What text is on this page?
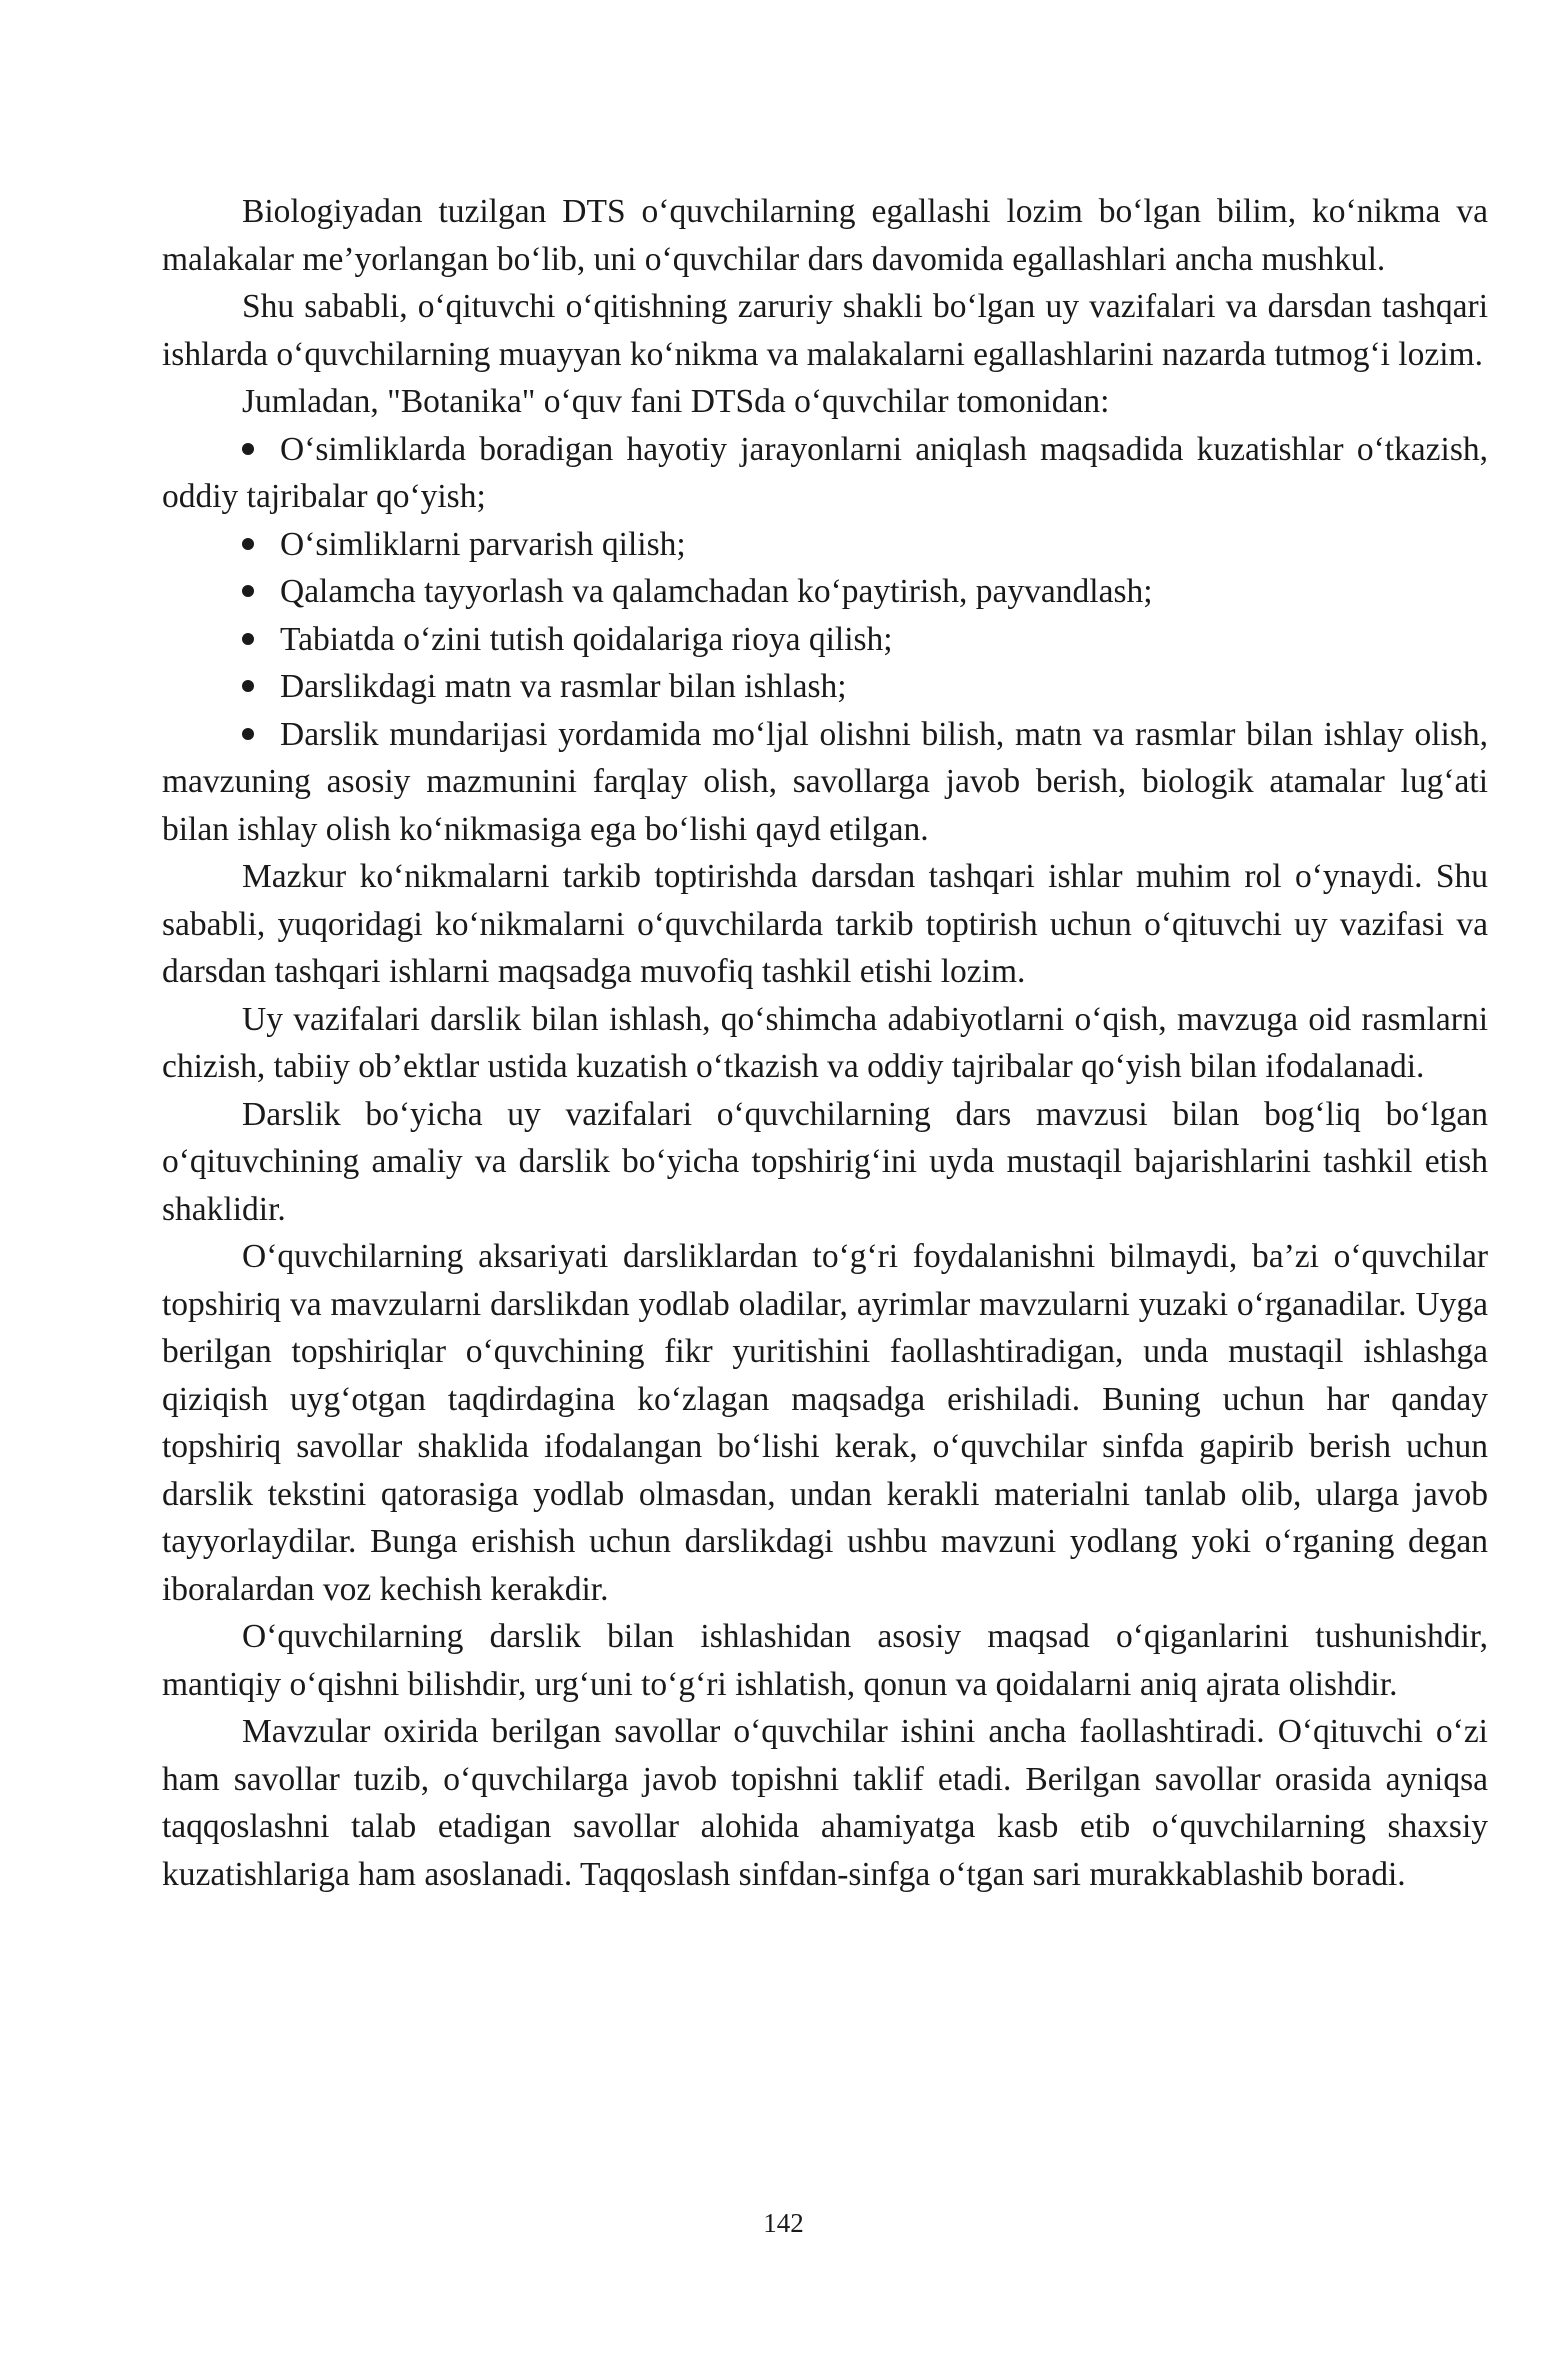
Biologiyadan tuzilgan DTS o‘quvchilarning egallashi lozim bo‘lgan bilim, ko‘nikma va malakalar me’yorlangan bo‘lib, uni o‘quvchilar dars davomida egallashlari ancha mushkul.

Shu sababli, o‘qituvchi o‘qitishning zaruriy shakli bo‘lgan uy vazifalari va darsdan tashqari ishlarda o‘quvchilarning muayyan ko‘nikma va malakalarni egallashlarini nazarda tutmog‘i lozim.

Jumladan, "Botanika" o‘quv fani DTSda o‘quvchilar tomonidan:

O‘simliklarda boradigan hayotiy jarayonlarni aniqlash maqsadida kuzatishlar o‘tkazish, oddiy tajribalar qo‘yish;

O‘simliklarni parvarish qilish;

Qalamcha tayyorlash va qalamchadan ko‘paytirish, payvandlash;

Tabiatda o‘zini tutish qoidalariga rioya qilish;

Darslikdagi matn va rasmlar bilan ishlash;

Darslik mundarijasi yordamida mo‘ljal olishni bilish, matn va rasmlar bilan ishlay olish, mavzuning asosiy mazmunini farqlay olish, savollarga javob berish, biologik atamalar lug‘ati bilan ishlay olish ko‘nikmasiga ega bo‘lishi qayd etilgan.

Mazkur ko‘nikmalarni tarkib toptirishda darsdan tashqari ishlar muhim rol o‘ynaydi. Shu sababli, yuqoridagi ko‘nikmalarni o‘quvchilarda tarkib toptirish uchun o‘qituvchi uy vazifasi va darsdan tashqari ishlarni maqsadga muvofiq tashkil etishi lozim.

Uy vazifalari darslik bilan ishlash, qo‘shimcha adabiyotlarni o‘qish, mavzuga oid rasmlarni chizish, tabiiy ob’ektlar ustida kuzatish o‘tkazish va oddiy tajribalar qo‘yish bilan ifodalanadi.

Darslik bo‘yicha uy vazifalari o‘quvchilarning dars mavzusi bilan bog‘liq bo‘lgan o‘qituvchining amaliy va darslik bo‘yicha topshirig‘ini uyda mustaqil bajarishlarini tashkil etish shaklidir.

O‘quvchilarning aksariyati darsliklardan to‘g‘ri foydalanishni bilmaydi, ba’zi o‘quvchilar topshiriq va mavzularni darslikdan yodlab oladilar, ayrimlar mavzularni yuzaki o‘rganadilar. Uyga berilgan topshiriqlar o‘quvchining fikr yuritishini faollashtiradigan, unda mustaqil ishlashga qiziqish uyg‘otgan taqdirdagina ko‘zlagan maqsadga erishiladi. Buning uchun har qanday topshiriq savollar shaklida ifodalangan bo‘lishi kerak, o‘quvchilar sinfda gapirib berish uchun darslik tekstini qatorasiga yodlab olmasdan, undan kerakli materialni tanlab olib, ularga javob tayyorlaydilar. Bunga erishish uchun darslikdagi ushbu mavzuni yodlang yoki o‘rganing degan iboralardan voz kechish kerakdir.

O‘quvchilarning darslik bilan ishlashidan asosiy maqsad o‘qiganlarini tushunishdir, mantiqiy o‘qishni bilishdir, urg‘uni to‘g‘ri ishlatish, qonun va qoidalarni aniq ajrata olishdir.

Mavzular oxirida berilgan savollar o‘quvchilar ishini ancha faollashtiradi. O‘qituvchi o‘zi ham savollar tuzib, o‘quvchilarga javob topishni taklif etadi. Berilgan savollar orasida ayniqsa taqqoslashni talab etadigan savollar alohida ahamiyatga kasb etib o‘quvchilarning shaxsiy kuzatishlariga ham asoslanadi. Taqqoslash sinfdan-sinfga o‘tgan sari murakkablashib boradi.

142
